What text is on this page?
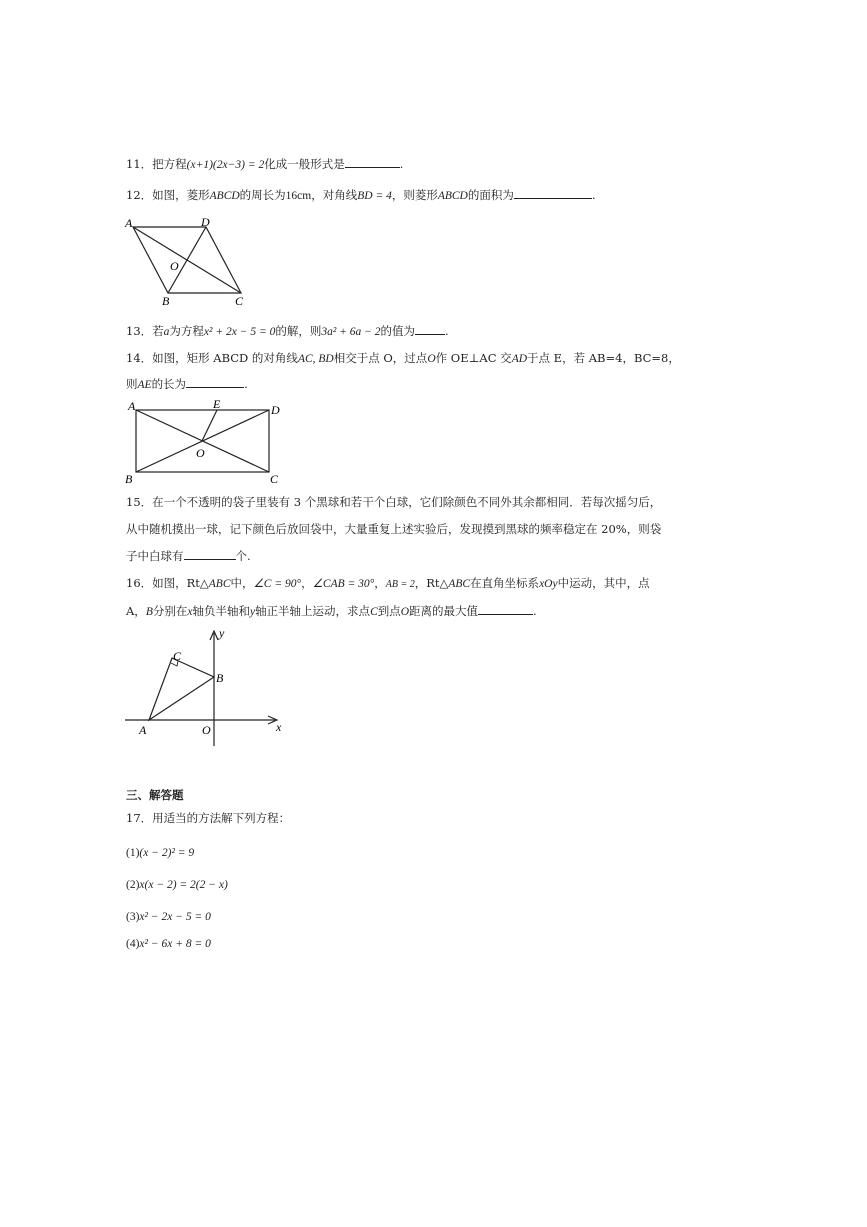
11．把方程(x+1)(2x−3) = 2化成一般形式是	.
12．如图，菱形ABCD的周长为16cm，对角线BD = 4，则菱形ABCD的面积为	.
A	D
O
B	C
13．若a为方程x² + 2x − 5 = 0的解，则3a² + 6a − 2的值为	.
14．如图，矩形 ABCD 的对角线AC, BD相交于点 O，过点O作 OE⊥AC 交AD于点 E，若 AB=4，BC=8，
则AE的长为	.
A	E	D
O
B	C
15．在一个不透明的袋子里装有 3 个黑球和若干个白球，它们除颜色不同外其余都相同．若每次摇匀后，
从中随机摸出一球，记下颜色后放回袋中，大量重复上述实验后，发现摸到黑球的频率稳定在 20%，则袋
子中白球有	个.
16．如图，Rt△ABC中，∠C = 90°，∠CAB = 30°，AB = 2，Rt△ABC在直角坐标系xOy中运动，其中，点
A，B分别在x轴负半轴和y轴正半轴上运动，求点C到点O距离的最大值	.
y
x
C
B
A	O
三、解答题
17．用适当的方法解下列方程：
(1)(x − 2)² = 9
(2)x(x − 2) = 2(2 − x)
(3)x² − 2x − 5 = 0
(4)x² − 6x + 8 = 0
